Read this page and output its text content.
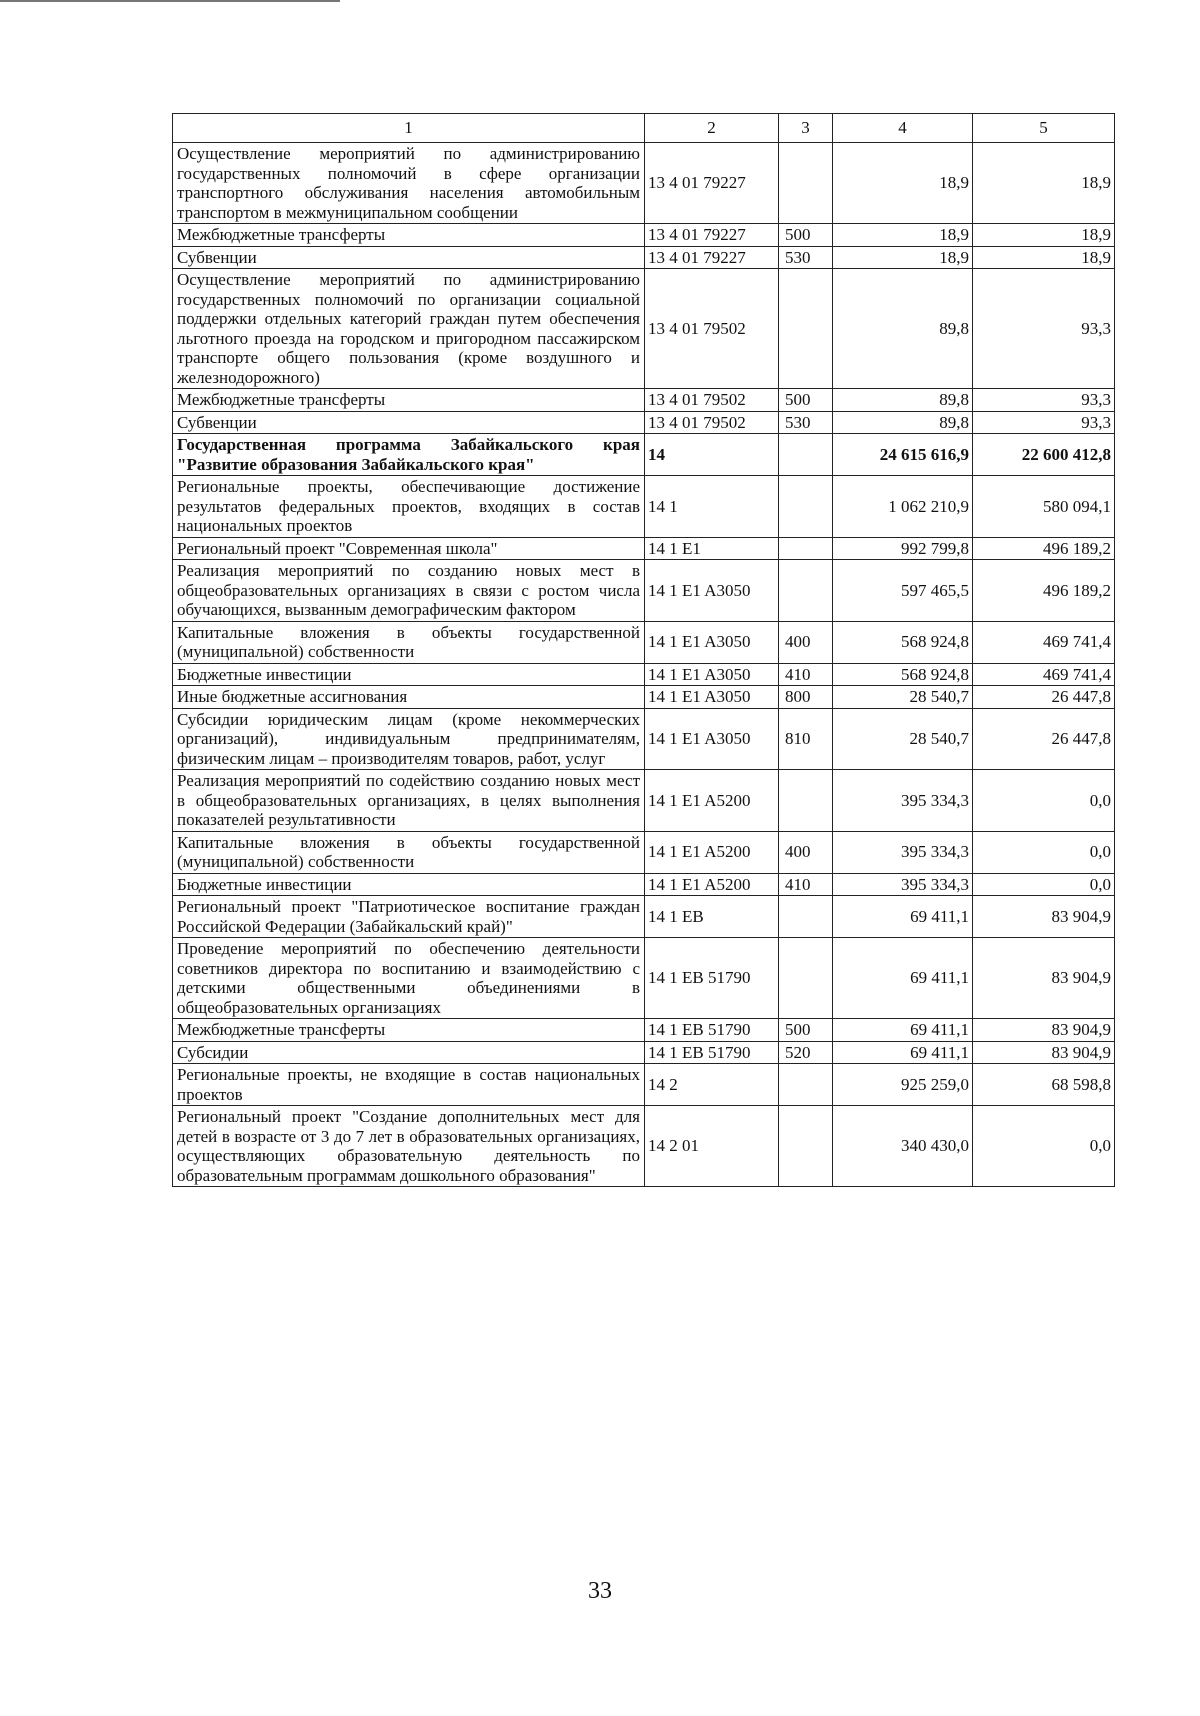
1	2	3	4	5
Осуществление мероприятий по администрированию государственных полномочий в сфере организации транспортного обслуживания населения автомобильным транспортом в межмуниципальном сообщении	13 4 01 79227		18,9	18,9
Межбюджетные трансферты	13 4 01 79227	500	18,9	18,9
Субвенции	13 4 01 79227	530	18,9	18,9
Осуществление мероприятий по администрированию государственных полномочий по организации социальной поддержки отдельных категорий граждан путем обеспечения льготного проезда на городском и пригородном пассажирском транспорте общего пользования (кроме воздушного и железнодорожного)	13 4 01 79502		89,8	93,3
Межбюджетные трансферты	13 4 01 79502	500	89,8	93,3
Субвенции	13 4 01 79502	530	89,8	93,3
Государственная программа Забайкальского края "Развитие образования Забайкальского края"	14		24 615 616,9	22 600 412,8
Региональные проекты, обеспечивающие достижение результатов федеральных проектов, входящих в состав национальных проектов	14 1		1 062 210,9	580 094,1
Региональный проект "Современная школа"	14 1 E1		992 799,8	496 189,2
Реализация мероприятий по созданию новых мест в общеобразовательных организациях в связи с ростом числа обучающихся, вызванным демографическим фактором	14 1 E1 A3050		597 465,5	496 189,2
Капитальные вложения в объекты государственной (муниципальной) собственности	14 1 E1 A3050	400	568 924,8	469 741,4
Бюджетные инвестиции	14 1 E1 A3050	410	568 924,8	469 741,4
Иные бюджетные ассигнования	14 1 E1 A3050	800	28 540,7	26 447,8
Субсидии юридическим лицам (кроме некоммерческих организаций), индивидуальным предпринимателям, физическим лицам – производителям товаров, работ, услуг	14 1 E1 A3050	810	28 540,7	26 447,8
Реализация мероприятий по содействию созданию новых мест в общеобразовательных организациях, в целях выполнения показателей результативности	14 1 E1 A5200		395 334,3	0,0
Капитальные вложения в объекты государственной (муниципальной) собственности	14 1 E1 A5200	400	395 334,3	0,0
Бюджетные инвестиции	14 1 E1 A5200	410	395 334,3	0,0
Региональный проект "Патриотическое воспитание граждан Российской Федерации (Забайкальский край)"	14 1 EB		69 411,1	83 904,9
Проведение мероприятий по обеспечению деятельности советников директора по воспитанию и взаимодействию с детскими общественными объединениями в общеобразовательных организациях	14 1 EB 51790		69 411,1	83 904,9
Межбюджетные трансферты	14 1 EB 51790	500	69 411,1	83 904,9
Субсидии	14 1 EB 51790	520	69 411,1	83 904,9
Региональные проекты, не входящие в состав национальных проектов	14 2		925 259,0	68 598,8
Региональный проект "Создание дополнительных мест для детей в возрасте от 3 до 7 лет в образовательных организациях, осуществляющих образовательную деятельность по образовательным программам дошкольного образования"	14 2 01		340 430,0	0,0
33
